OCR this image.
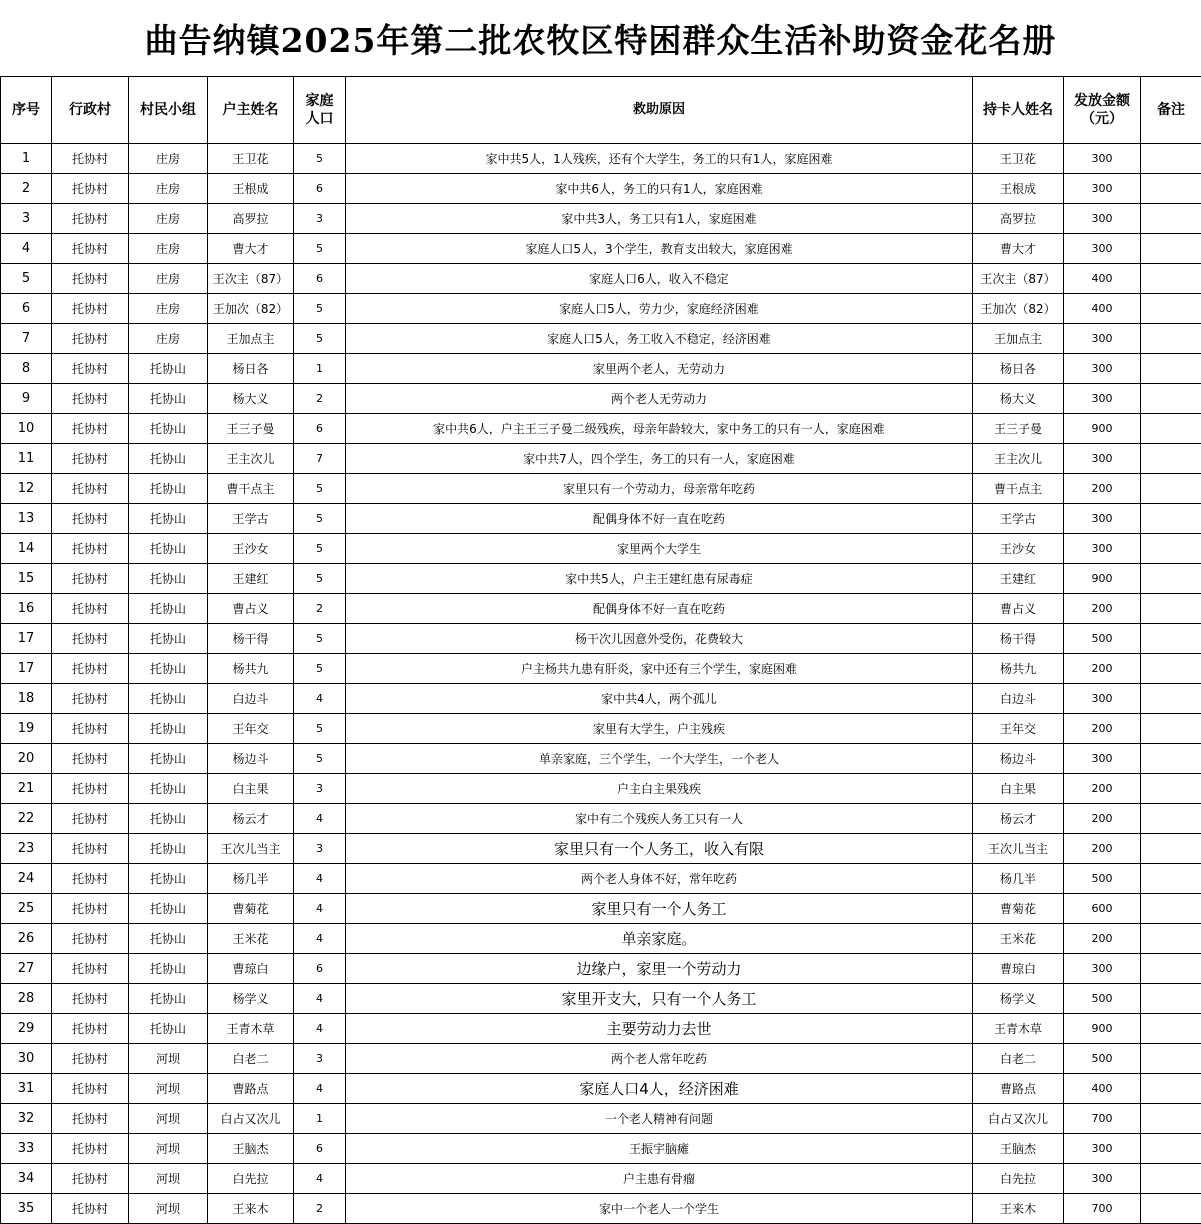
曲告纳镇2025年第二批农牧区特困群众生活补助资金花名册
序号	行政村	村民小组	户主姓名	家庭人口	救助原因	持卡人姓名	发放金额（元）	备注
1	托协村	庄房	王卫花	5	家中共5人，1人残疾，还有个大学生，务工的只有1人，家庭困难	王卫花	300	
2	托协村	庄房	王根成	6	家中共6人，务工的只有1人，家庭困难	王根成	300	
3	托协村	庄房	高罗拉	3	家中共3人，务工只有1人，家庭困难	高罗拉	300	
4	托协村	庄房	曹大才	5	家庭人口5人，3个学生，教育支出较大，家庭困难	曹大才	300	
5	托协村	庄房	王次主（87）	6	家庭人口6人，收入不稳定	王次主（87）	400	
6	托协村	庄房	王加次（82）	5	家庭人口5人，劳力少，家庭经济困难	王加次（82）	400	
7	托协村	庄房	王加点主	5	家庭人口5人，务工收入不稳定，经济困难	王加点主	300	
8	托协村	托协山	杨日各	1	家里两个老人，无劳动力	杨日各	300	
9	托协村	托协山	杨大义	2	两个老人无劳动力	杨大义	300	
10	托协村	托协山	王三子曼	6	家中共6人，户主王三子曼二级残疾，母亲年龄较大，家中务工的只有一人，家庭困难	王三子曼	900	
11	托协村	托协山	王主次儿	7	家中共7人，四个学生，务工的只有一人，家庭困难	王主次儿	300	
12	托协村	托协山	曹干点主	5	家里只有一个劳动力，母亲常年吃药	曹干点主	200	
13	托协村	托协山	王学古	5	配偶身体不好一直在吃药	王学古	300	
14	托协村	托协山	王沙女	5	家里两个大学生	王沙女	300	
15	托协村	托协山	王建红	5	家中共5人，户主王建红患有尿毒症	王建红	900	
16	托协村	托协山	曹占义	2	配偶身体不好一直在吃药	曹占义	200	
17	托协村	托协山	杨干得	5	杨干次儿因意外受伤，花费较大	杨干得	500	
17	托协村	托协山	杨共九	5	户主杨共九患有肝炎，家中还有三个学生，家庭困难	杨共九	200	
18	托协村	托协山	白边斗	4	家中共4人，两个孤儿	白边斗	300	
19	托协村	托协山	王年交	5	家里有大学生，户主残疾	王年交	200	
20	托协村	托协山	杨边斗	5	单亲家庭，三个学生，一个大学生，一个老人	杨边斗	300	
21	托协村	托协山	白主果	3	户主白主果残疾	白主果	200	
22	托协村	托协山	杨云才	4	家中有二个残疾人务工只有一人	杨云才	200	
23	托协村	托协山	王次儿当主	3	家里只有一个人务工，收入有限	王次儿当主	200	
24	托协村	托协山	杨几半	4	两个老人身体不好，常年吃药	杨几半	500	
25	托协村	托协山	曹菊花	4	家里只有一个人务工	曹菊花	600	
26	托协村	托协山	王米花	4	单亲家庭。	王米花	200	
27	托协村	托协山	曹琼白	6	边缘户，家里一个劳动力	曹琼白	300	
28	托协村	托协山	杨学义	4	家里开支大，只有一个人务工	杨学义	500	
29	托协村	托协山	王青木草	4	主要劳动力去世	王青木草	900	
30	托协村	河坝	白老二	3	两个老人常年吃药	白老二	500	
31	托协村	河坝	曹路点	4	家庭人口4人，经济困难	曹路点	400	
32	托协村	河坝	白占又次儿	1	一个老人精神有问题	白占又次儿	700	
33	托协村	河坝	王脑杰	6	王振宇脑瘫	王脑杰	300	
34	托协村	河坝	白先拉	4	户主患有骨瘤	白先拉	300	
35	托协村	河坝	王来木	2	家中一个老人一个学生	王来木	700	
